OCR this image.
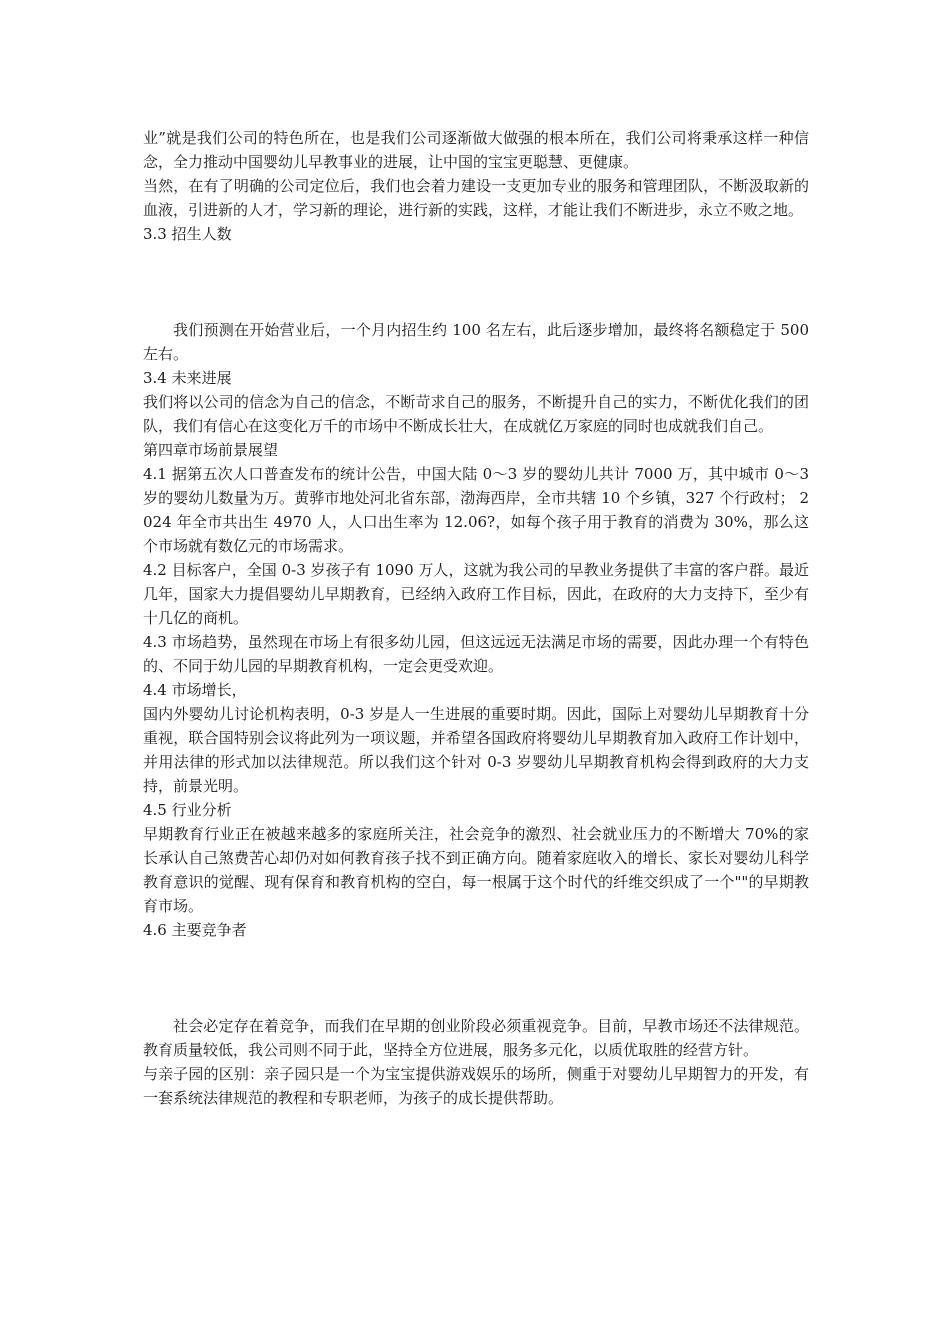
业”就是我们公司的特色所在，也是我们公司逐渐做大做强的根本所在，我们公司将秉承这样一种信念，全力推动中国婴幼儿早教事业的进展，让中国的宝宝更聪慧、更健康。

当然，在有了明确的公司定位后，我们也会着力建设一支更加专业的服务和管理团队，不断汲取新的血液，引进新的人才，学习新的理论，进行新的实践，这样，才能让我们不断进步，永立不败之地。

3.3 招生人数

我们预测在开始营业后，一个月内招生约 100 名左右，此后逐步增加，最终将名额稳定于 500 左右。

3.4 未来进展

我们将以公司的信念为自己的信念，不断苛求自己的服务，不断提升自己的实力，不断优化我们的团队，我们有信心在这变化万千的市场中不断成长壮大，在成就亿万家庭的同时也成就我们自己。

第四章市场前景展望

4.1 据第五次人口普查发布的统计公告，中国大陆 0～3 岁的婴幼儿共计 7000 万，其中城市 0～3 岁的婴幼儿数量为万。黄骅市地处河北省东部，渤海西岸，全市共辖 10 个乡镇，327 个行政村； 2024 年全市共出生 4970 人，人口出生率为 12.06?，如每个孩子用于教育的消费为 30%，那么这个市场就有数亿元的市场需求。

4.2 目标客户，全国 0-3 岁孩子有 1090 万人，这就为我公司的早教业务提供了丰富的客户群。最近几年，国家大力提倡婴幼儿早期教育，已经纳入政府工作目标，因此，在政府的大力支持下，至少有十几亿的商机。

4.3 市场趋势，虽然现在市场上有很多幼儿园，但这远远无法满足市场的需要，因此办理一个有特色的、不同于幼儿园的早期教育机构，一定会更受欢迎。

4.4 市场增长，

国内外婴幼儿讨论机构表明，0-3 岁是人一生进展的重要时期。因此，国际上对婴幼儿早期教育十分重视，联合国特别会议将此列为一项议题，并希望各国政府将婴幼儿早期教育加入政府工作计划中，并用法律的形式加以法律规范。所以我们这个针对 0-3 岁婴幼儿早期教育机构会得到政府的大力支持，前景光明。

4.5 行业分析

早期教育行业正在被越来越多的家庭所关注，社会竞争的激烈、社会就业压力的不断增大 70%的家长承认自己煞费苦心却仍对如何教育孩子找不到正确方向。随着家庭收入的增长、家长对婴幼儿科学教育意识的觉醒、现有保育和教育机构的空白，每一根属于这个时代的纤维交织成了一个""的早期教育市场。

4.6 主要竞争者

社会必定存在着竞争，而我们在早期的创业阶段必须重视竞争。目前，早教市场还不法律规范。教育质量较低，我公司则不同于此，坚持全方位进展，服务多元化，以质优取胜的经营方针。

与亲子园的区别：亲子园只是一个为宝宝提供游戏娱乐的场所，侧重于对婴幼儿早期智力的开发，有一套系统法律规范的教程和专职老师，为孩子的成长提供帮助。
